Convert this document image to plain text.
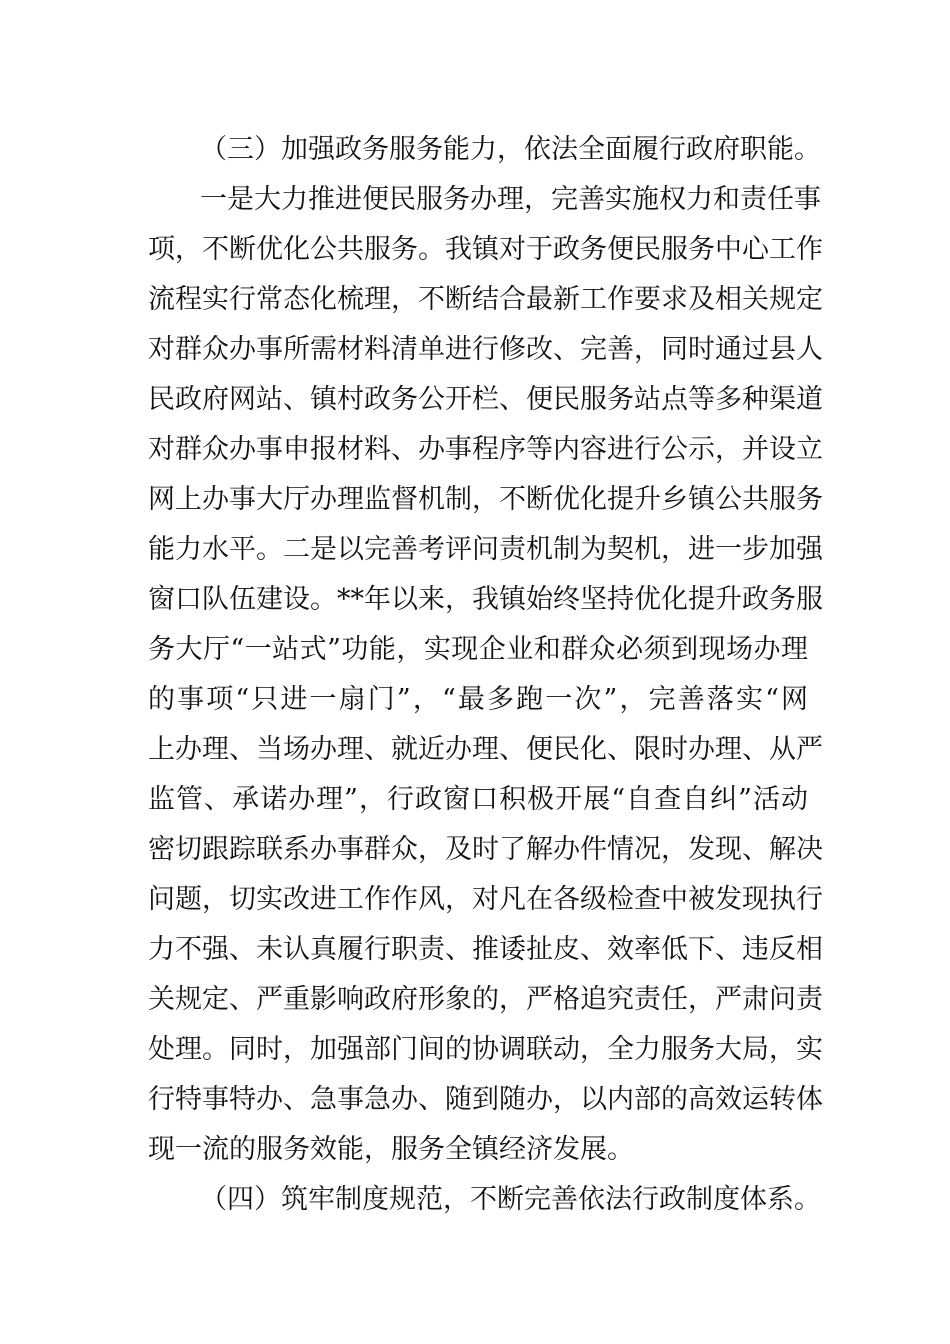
（三）加强政务服务能力，依法全面履行政府职能。
一是大力推进便民服务办理，完善实施权力和责任事
项，不断优化公共服务。我镇对于政务便民服务中心工作
流程实行常态化梳理，不断结合最新工作要求及相关规定
对群众办事所需材料清单进行修改、完善，同时通过县人
民政府网站、镇村政务公开栏、便民服务站点等多种渠道
对群众办事申报材料、办事程序等内容进行公示，并设立
网上办事大厅办理监督机制，不断优化提升乡镇公共服务
能力水平。二是以完善考评问责机制为契机，进一步加强
窗口队伍建设。**年以来，我镇始终坚持优化提升政务服
务大厅“一站式”功能，实现企业和群众必须到现场办理
的事项“只进一扇门”，“最多跑一次”，完善落实“网
上办理、当场办理、就近办理、便民化、限时办理、从严
监管、承诺办理”，行政窗口积极开展“自查自纠”活动
密切跟踪联系办事群众，及时了解办件情况，发现、解决
问题，切实改进工作作风，对凡在各级检查中被发现执行
力不强、未认真履行职责、推诿扯皮、效率低下、违反相
关规定、严重影响政府形象的，严格追究责任，严肃问责
处理。同时，加强部门间的协调联动，全力服务大局，实
行特事特办、急事急办、随到随办，以内部的高效运转体
现一流的服务效能，服务全镇经济发展。
（四）筑牢制度规范，不断完善依法行政制度体系。
